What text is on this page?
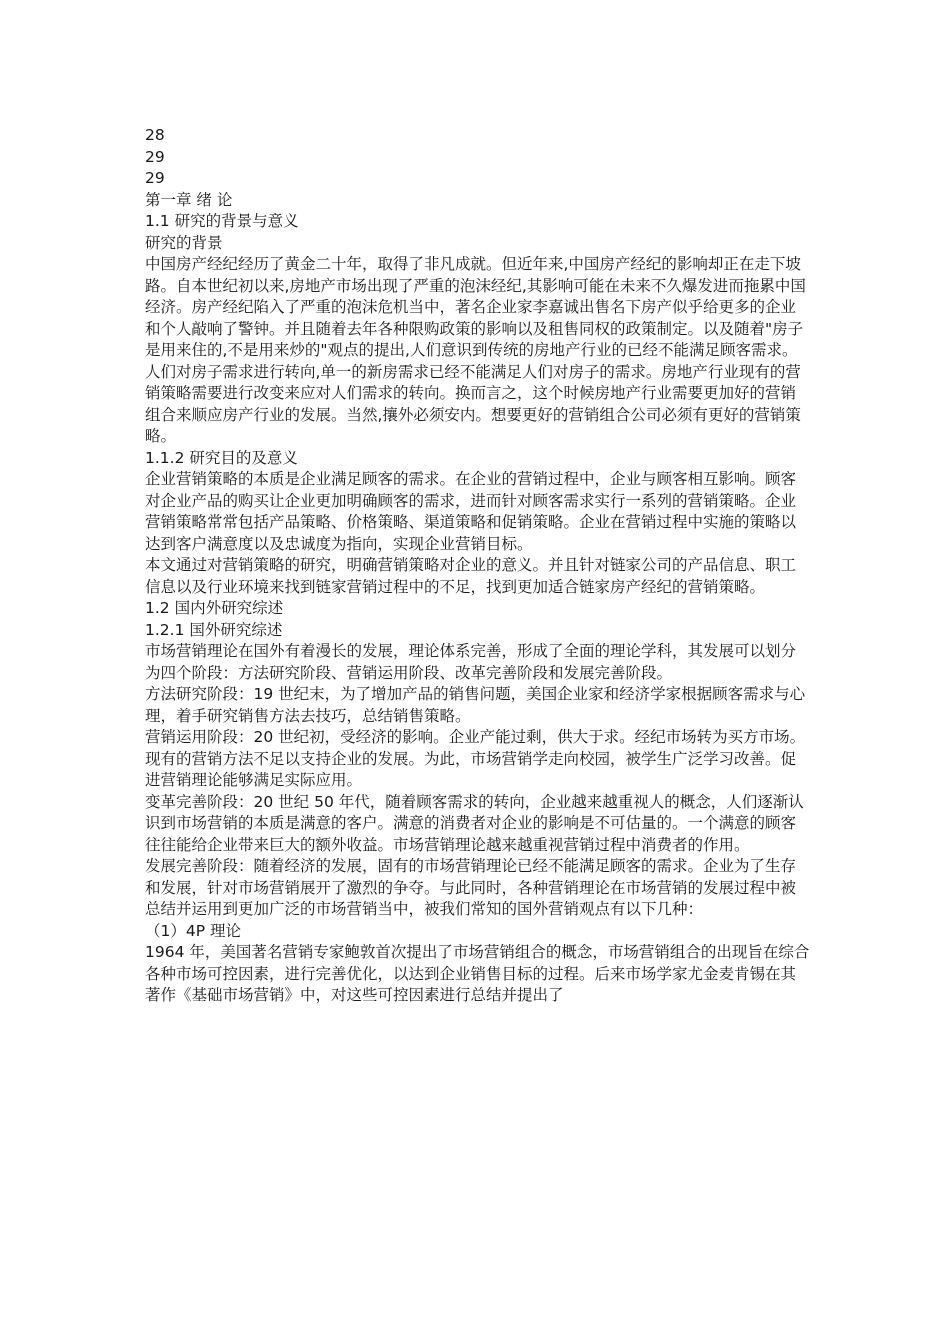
28
29
29
第一章 绪 论
1.1 研究的背景与意义
研究的背景
中国房产经纪经历了黄金二十年，取得了非凡成就。但近年来,中国房产经纪的影响却正在走下坡路。自本世纪初以来,房地产市场出现了严重的泡沫经纪,其影响可能在未来不久爆发进而拖累中国经济。房产经纪陷入了严重的泡沫危机当中，著名企业家李嘉诚出售名下房产似乎给更多的企业和个人敲响了警钟。并且随着去年各种限购政策的影响以及租售同权的政策制定。以及随着"房子是用来住的,不是用来炒的"观点的提出,人们意识到传统的房地产行业的已经不能满足顾客需求。人们对房子需求进行转向,单一的新房需求已经不能满足人们对房子的需求。房地产行业现有的营销策略需要进行改变来应对人们需求的转向。换而言之，这个时候房地产行业需要更加好的营销组合来顺应房产行业的发展。当然,攘外必须安内。想要更好的营销组合公司必须有更好的营销策略。
1.1.2 研究目的及意义
企业营销策略的本质是企业满足顾客的需求。在企业的营销过程中，企业与顾客相互影响。顾客对企业产品的购买让企业更加明确顾客的需求，进而针对顾客需求实行一系列的营销策略。企业营销策略常常包括产品策略、价格策略、渠道策略和促销策略。企业在营销过程中实施的策略以达到客户满意度以及忠诚度为指向，实现企业营销目标。
本文通过对营销策略的研究，明确营销策略对企业的意义。并且针对链家公司的产品信息、职工信息以及行业环境来找到链家营销过程中的不足，找到更加适合链家房产经纪的营销策略。
1.2 国内外研究综述
1.2.1 国外研究综述
市场营销理论在国外有着漫长的发展，理论体系完善，形成了全面的理论学科，其发展可以划分为四个阶段：方法研究阶段、营销运用阶段、改革完善阶段和发展完善阶段。
方法研究阶段：19 世纪末，为了增加产品的销售问题，美国企业家和经济学家根据顾客需求与心理，着手研究销售方法去技巧，总结销售策略。
营销运用阶段：20 世纪初，受经济的影响。企业产能过剩，供大于求。经纪市场转为买方市场。现有的营销方法不足以支持企业的发展。为此，市场营销学走向校园，被学生广泛学习改善。促进营销理论能够满足实际应用。
变革完善阶段：20 世纪 50 年代，随着顾客需求的转向，企业越来越重视人的概念，人们逐渐认识到市场营销的本质是满意的客户。满意的消费者对企业的影响是不可估量的。一个满意的顾客往往能给企业带来巨大的额外收益。市场营销理论越来越重视营销过程中消费者的作用。
发展完善阶段：随着经济的发展，固有的市场营销理论已经不能满足顾客的需求。企业为了生存和发展，针对市场营销展开了激烈的争夺。与此同时，各种营销理论在市场营销的发展过程中被总结并运用到更加广泛的市场营销当中，被我们常知的国外营销观点有以下几种：
（1）4P 理论
1964 年，美国著名营销专家鲍敦首次提出了市场营销组合的概念，市场营销组合的出现旨在综合各种市场可控因素，进行完善优化，以达到企业销售目标的过程。后来市场学家尤金麦肯锡在其著作《基础市场营销》中，对这些可控因素进行总结并提出了
